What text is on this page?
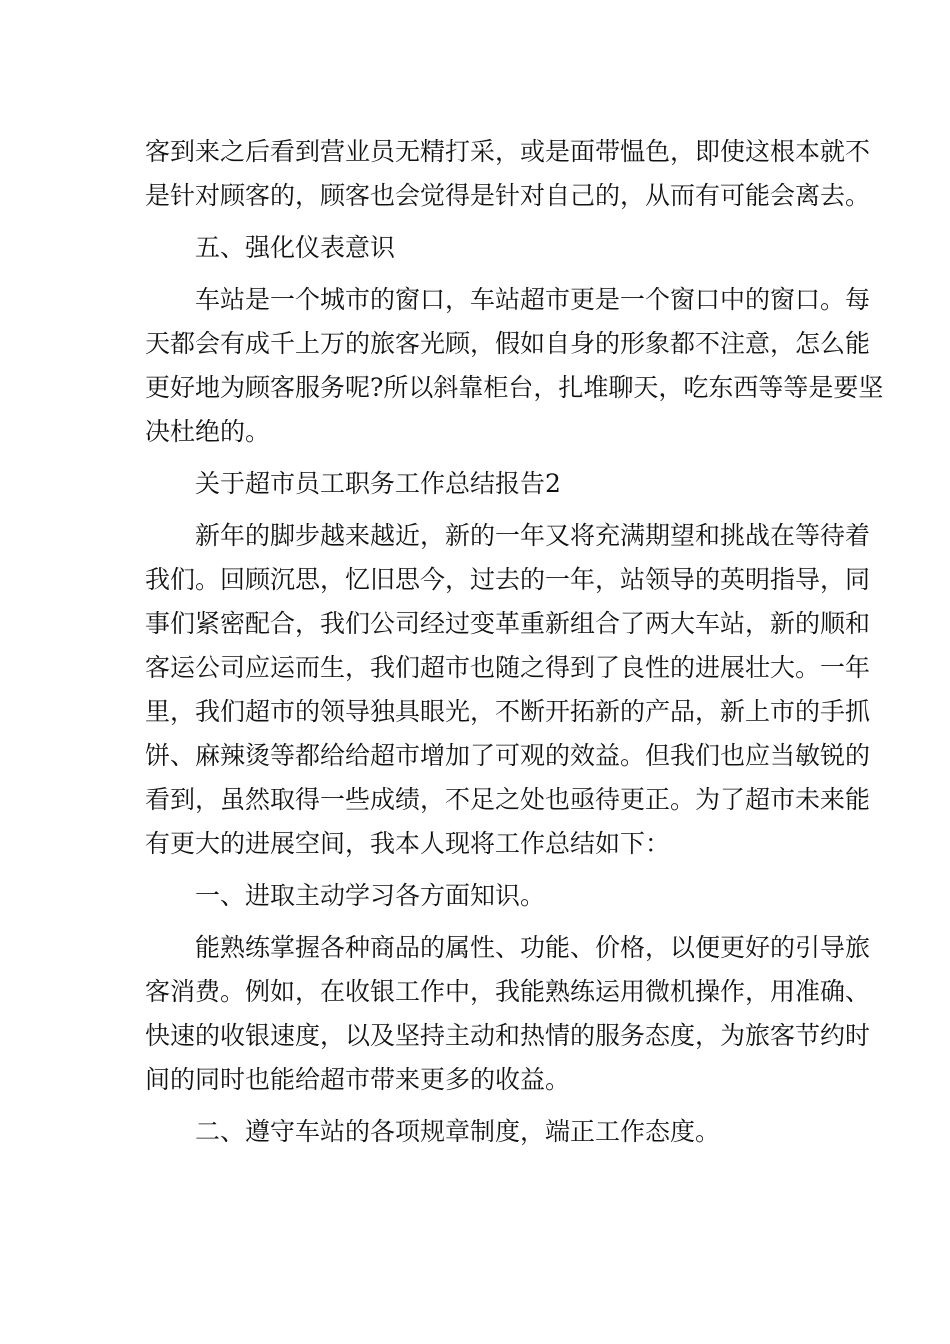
客到来之后看到营业员无精打采，或是面带愠色，即使这根本就不
是针对顾客的，顾客也会觉得是针对自己的，从而有可能会离去。
五、强化仪表意识
车站是一个城市的窗口，车站超市更是一个窗口中的窗口。每
天都会有成千上万的旅客光顾，假如自身的形象都不注意，怎么能
更好地为顾客服务呢?所以斜靠柜台，扎堆聊天，吃东西等等是要坚
决杜绝的。
关于超市员工职务工作总结报告2
新年的脚步越来越近，新的一年又将充满期望和挑战在等待着
我们。回顾沉思，忆旧思今，过去的一年，站领导的英明指导，同
事们紧密配合，我们公司经过变革重新组合了两大车站，新的顺和
客运公司应运而生，我们超市也随之得到了良性的进展壮大。一年
里，我们超市的领导独具眼光，不断开拓新的产品，新上市的手抓
饼、麻辣烫等都给给超市增加了可观的效益。但我们也应当敏锐的
看到，虽然取得一些成绩，不足之处也亟待更正。为了超市未来能
有更大的进展空间，我本人现将工作总结如下：
一、进取主动学习各方面知识。
能熟练掌握各种商品的属性、功能、价格，以便更好的引导旅
客消费。例如，在收银工作中，我能熟练运用微机操作，用准确、
快速的收银速度，以及坚持主动和热情的服务态度，为旅客节约时
间的同时也能给超市带来更多的收益。
二、遵守车站的各项规章制度，端正工作态度。
